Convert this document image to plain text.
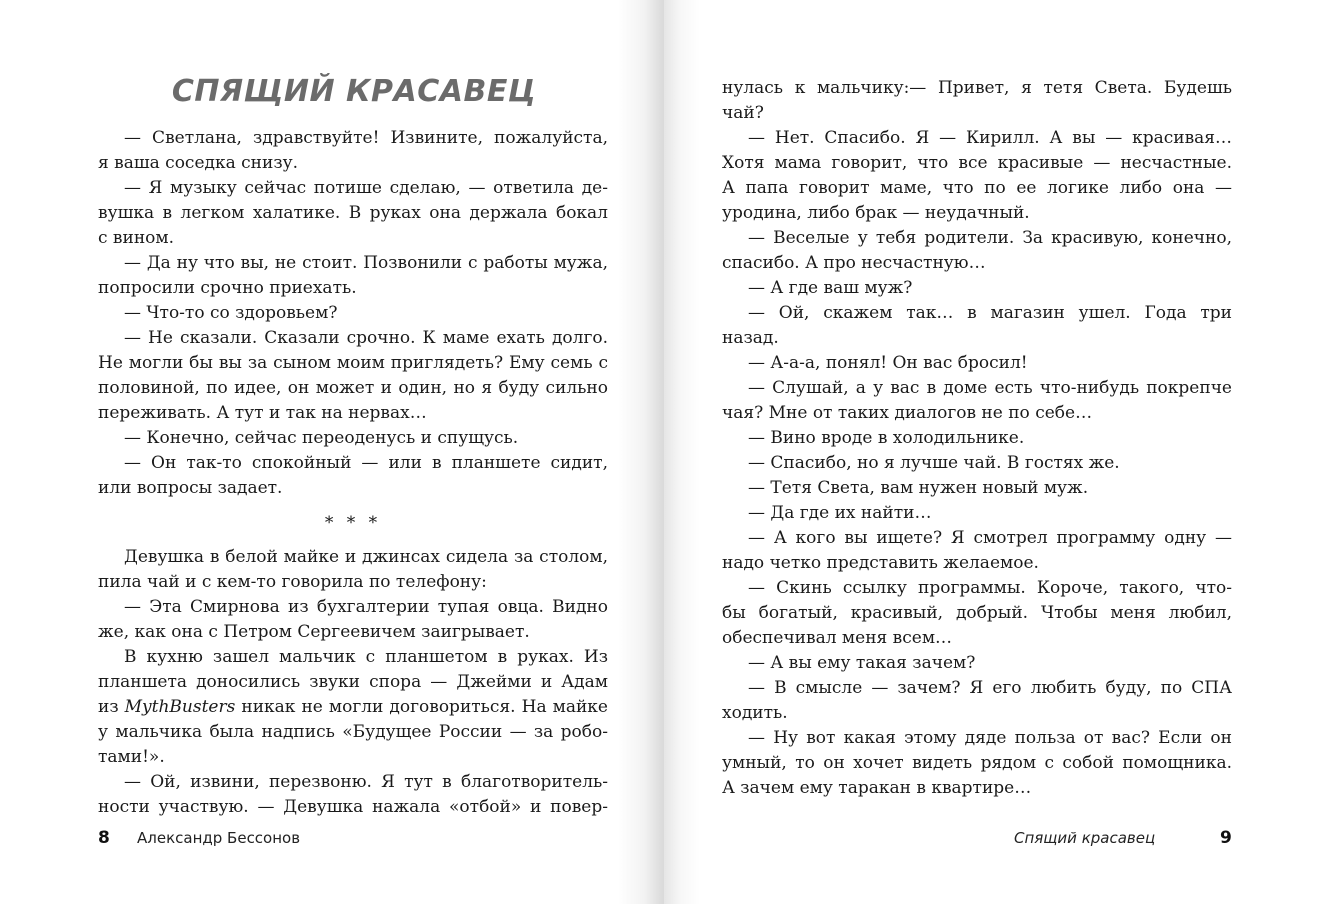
СПЯЩИЙ КРАСАВЕЦ
— Светлана, здравствуйте! Извините, пожалуйста,
я ваша соседка снизу.
— Я музыку сейчас потише сделаю, — ответила де-
вушка в легком халатике. В руках она держала бокал
с вином.
— Да ну что вы, не стоит. Позвонили с работы мужа,
попросили срочно приехать.
— Что-то со здоровьем?
— Не сказали. Сказали срочно. К маме ехать долго.
Не могли бы вы за сыном моим приглядеть? Ему семь с
половиной, по идее, он может и один, но я буду сильно
переживать. А тут и так на нервах…
— Конечно, сейчас переоденусь и спущусь.
— Он так-то спокойный — или в планшете сидит,
или вопросы задает.
* * *
Девушка в белой майке и джинсах сидела за столом,
пила чай и с кем-то говорила по телефону:
— Эта Смирнова из бухгалтерии тупая овца. Видно
же, как она с Петром Сергеевичем заигрывает.
В кухню зашел мальчик с планшетом в руках. Из
планшета доносились звуки спора — Джейми и Адам
из MythBusters никак не могли договориться. На майке
у мальчика была надпись «Будущее России — за робо-
тами!».
— Ой, извини, перезвоню. Я тут в благотворитель-
ности участвую. — Девушка нажала «отбой» и повер-
8 Александр Бессонов
нулась к мальчику:— Привет, я тетя Света. Будешь
чай?
— Нет. Спасибо. Я — Кирилл. А вы — красивая…
Хотя мама говорит, что все красивые — несчастные.
А папа говорит маме, что по ее логике либо она —
уродина, либо брак — неудачный.
— Веселые у тебя родители. За красивую, конечно,
спасибо. А про несчастную…
— А где ваш муж?
— Ой, скажем так… в магазин ушел. Года три
назад.
— А-а-а, понял! Он вас бросил!
— Слушай, а у вас в доме есть что-нибудь покрепче
чая? Мне от таких диалогов не по себе…
— Вино вроде в холодильнике.
— Спасибо, но я лучше чай. В гостях же.
— Тетя Света, вам нужен новый муж.
— Да где их найти…
— А кого вы ищете? Я смотрел программу одну —
надо четко представить желаемое.
— Скинь ссылку программы. Короче, такого, что-
бы богатый, красивый, добрый. Чтобы меня любил,
обеспечивал меня всем…
— А вы ему такая зачем?
— В смысле — зачем? Я его любить буду, по СПА
ходить.
— Ну вот какая этому дяде польза от вас? Если он
умный, то он хочет видеть рядом с собой помощника.
А зачем ему таракан в квартире…
Спящий красавец	9
